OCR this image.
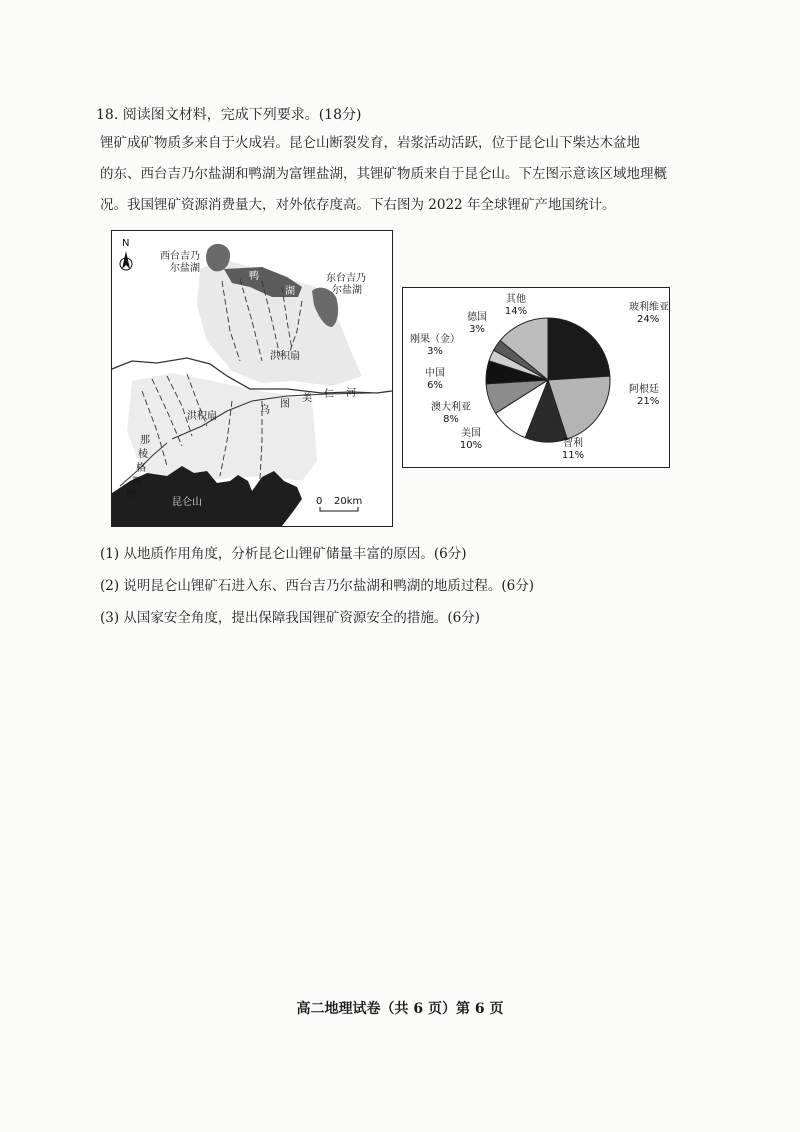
18. 阅读图文材料，完成下列要求。(18分)

锂矿成矿物质多来自于火成岩。昆仑山断裂发育，岩浆活动活跃，位于昆仑山下柴达木盆地

的东、西台吉乃尔盐湖和鸭湖为富锂盐湖，其锂矿物质来自于昆仑山。下左图示意该区域地理概

况。我国锂矿资源消费量大，对外依存度高。下右图为 2022 年全球锂矿产地国统计。

N
西台吉乃
尔盐湖
鸭
湖
东台吉乃
尔盐湖
洪积扇
洪积扇
乌
图
美 仁 河
那
棱
格
勒
河
昆仑山	0 20km
玻利维亚
24%
阿根廷
21%
智利
11%
美国
10%
澳大利亚
8%
中国
6%
刚果（金）
3%
德国
3%
其他
14%
(1) 从地质作用角度，分析昆仑山锂矿储量丰富的原因。(6分)
(2) 说明昆仑山锂矿石进入东、西台吉乃尔盐湖和鸭湖的地质过程。(6分)
(3) 从国家安全角度，提出保障我国锂矿资源安全的措施。(6分)
高二地理试卷（共 6 页）第 6 页
